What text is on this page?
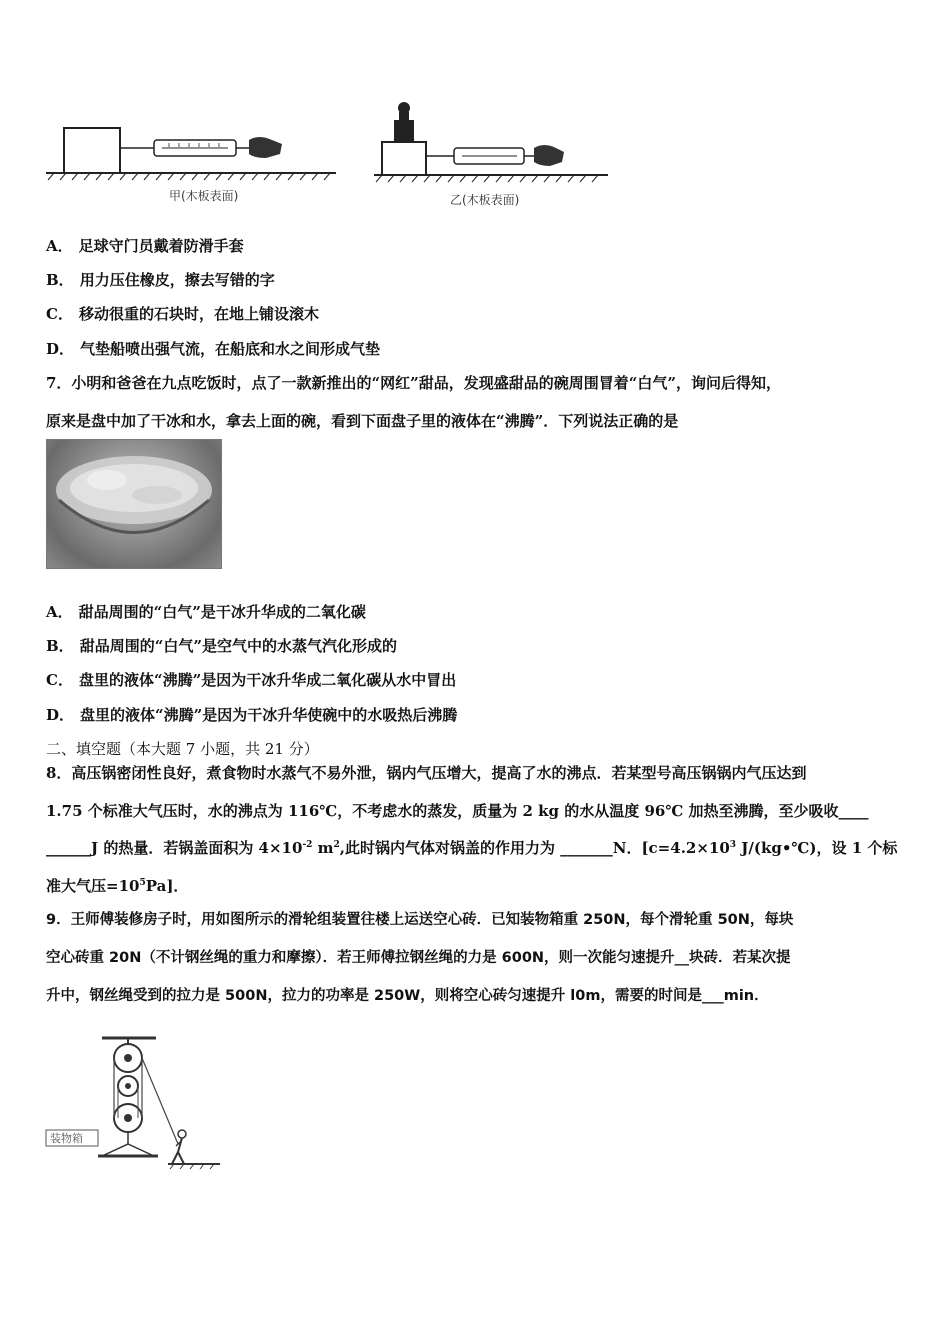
甲(木板表面)	乙(木板表面)
A． 足球守门员戴着防滑手套
B． 用力压住橡皮，擦去写错的字
C． 移动很重的石块时，在地上铺设滚木
D． 气垫船喷出强气流，在船底和水之间形成气垫
7．小明和爸爸在九点吃饭时，点了一款新推出的“网红”甜品，发现盛甜品的碗周围冒着“白气”，询问后得知，
原来是盘中加了干冰和水，拿去上面的碗，看到下面盘子里的液体在“沸腾”．下列说法正确的是
A． 甜品周围的“白气”是干冰升华成的二氧化碳
B． 甜品周围的“白气”是空气中的水蒸气汽化形成的
C． 盘里的液体“沸腾”是因为干冰升华成二氧化碳从水中冒出
D． 盘里的液体“沸腾”是因为干冰升华使碗中的水吸热后沸腾
二、填空题（本大题 7 小题，共 21 分）
8．高压锅密闭性良好，煮食物时水蒸气不易外泄，锅内气压增大，提高了水的沸点．若某型号高压锅锅内气压达到
1.75 个标准大气压时，水的沸点为 116℃，不考虑水的蒸发，质量为 2 kg 的水从温度 96℃ 加热至沸腾，至少吸收____
______J 的热量．若锅盖面积为 $4\times 10^{-2}$ $m^2$,此时锅内气体对锅盖的作用力为 _______N．[$c=4.2\times 10^3$ J/(kg•℃)，设 1 个标
准大气压$=10^5Pa$]．
9．王师傅装修房子时，用如图所示的滑轮组装置往楼上运送空心砖．已知装物箱重 250N，每个滑轮重 50N，每块
空心砖重 20N（不计钢丝绳的重力和摩擦）．若王师傅拉钢丝绳的力是 600N，则一次能匀速提升__块砖．若某次提
升中，钢丝绳受到的拉力是 500N，拉力的功率是 250W，则将空心砖匀速提升 l0m，需要的时间是___min．
装物箱
